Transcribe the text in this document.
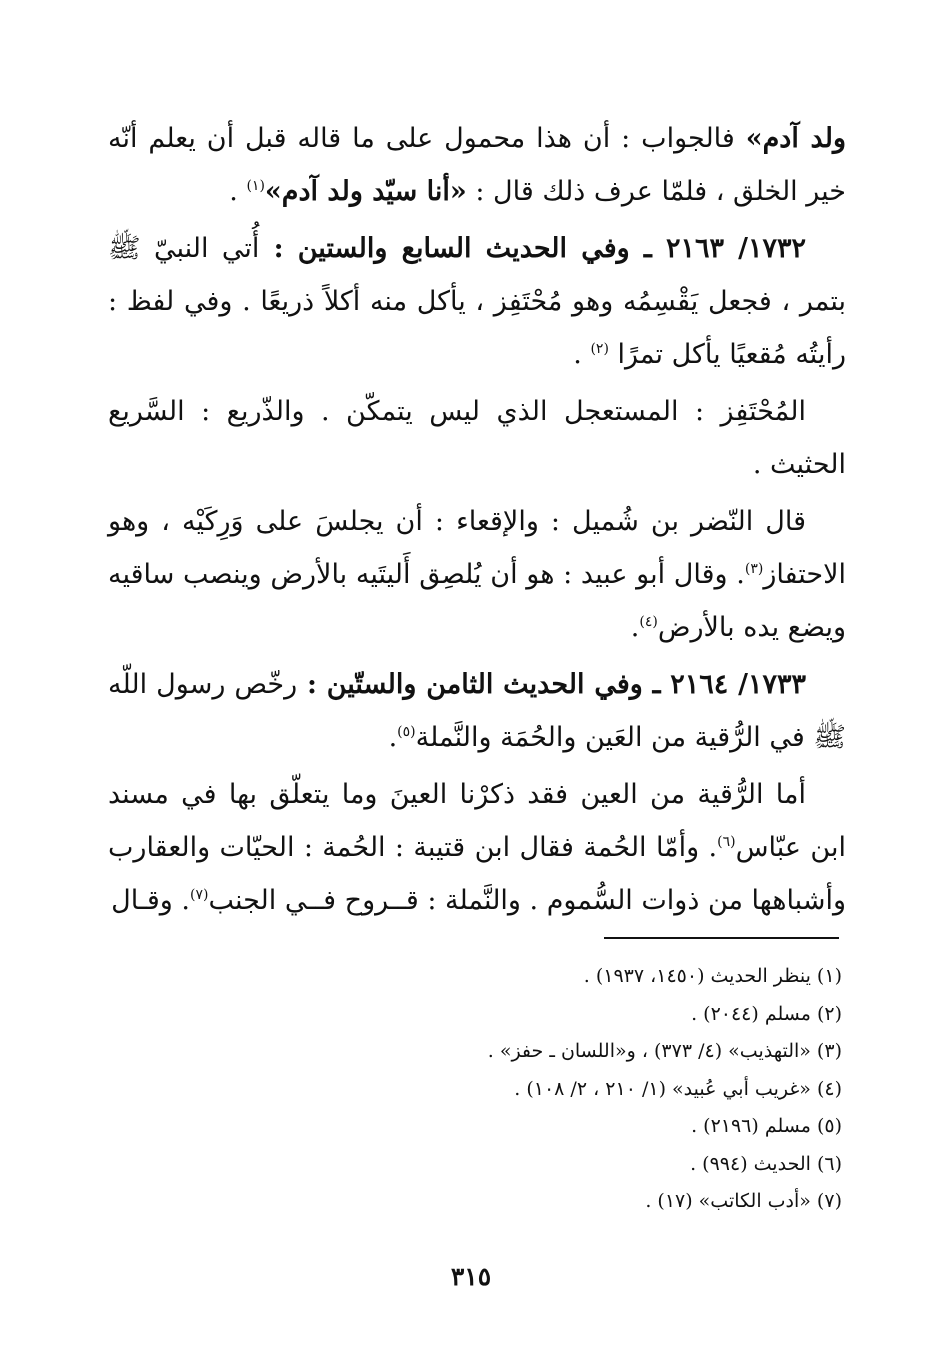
ولد آدم» فالجواب : أن هذا محمول على ما قاله قبل أن يعلم أنّه خير الخلق ، فلمّا عرف ذلك قال : «أنا سيّد ولد آدم»$^{(١)}$ .

١٧٣٢/ ٢١٦٣ ـ وفي الحديث السابع والستين : أُتي النبيّ ﷺ بتمر ، فجعل يَقْسِمُه وهو مُحْتَفِز ، يأكل منه أكلاً ذريعًا . وفي لفظ : رأيتُه مُقعيًا يأكل تمرًا $^{(٢)}$ .

المُحْتَفِز : المستعجل الذي ليس يتمكّن . والذّريع : السَّريع الحثيث .

قال النّضر بن شُميل : والإقعاء : أن يجلسَ على وَرِكَيْه ، وهو الاحتفاز$^{(٣)}$. وقال أبو عبيد : هو أن يُلصِق أَليتَيه بالأرض وينصب ساقيه ويضع يده بالأرض$^{(٤)}$.

١٧٣٣/ ٢١٦٤ ـ وفي الحديث الثامن والستّين : رخّص رسول اللّه ﷺ في الرُّقية من العَين والحُمَة والنَّملة$^{(٥)}$.

أما الرُّقية من العين فقد ذكرْنا العينَ وما يتعلّق بها في مسند ابن عبّاس$^{(٦)}$. وأمّا الحُمة فقال ابن قتيبة : الحُمة : الحيّات والعقارب وأشباهها من ذوات السُّموم . والنَّملة : قــروح فــي الجنب$^{(٧)}$. وقـال

(١) ينظر الحديث (١٤٥٠، ١٩٣٧) .

(٢) مسلم (٢٠٤٤) .

(٣) «التهذيب» (٤/ ٣٧٣) ، و«اللسان ـ حفز» .

(٤) «غريب أبي عُبيد» (١/ ٢١٠ ، ٢/ ١٠٨) .

(٥) مسلم (٢١٩٦) .

(٦) الحديث (٩٩٤) .

(٧) «أدب الكاتب» (١٧) .

٣١٥
